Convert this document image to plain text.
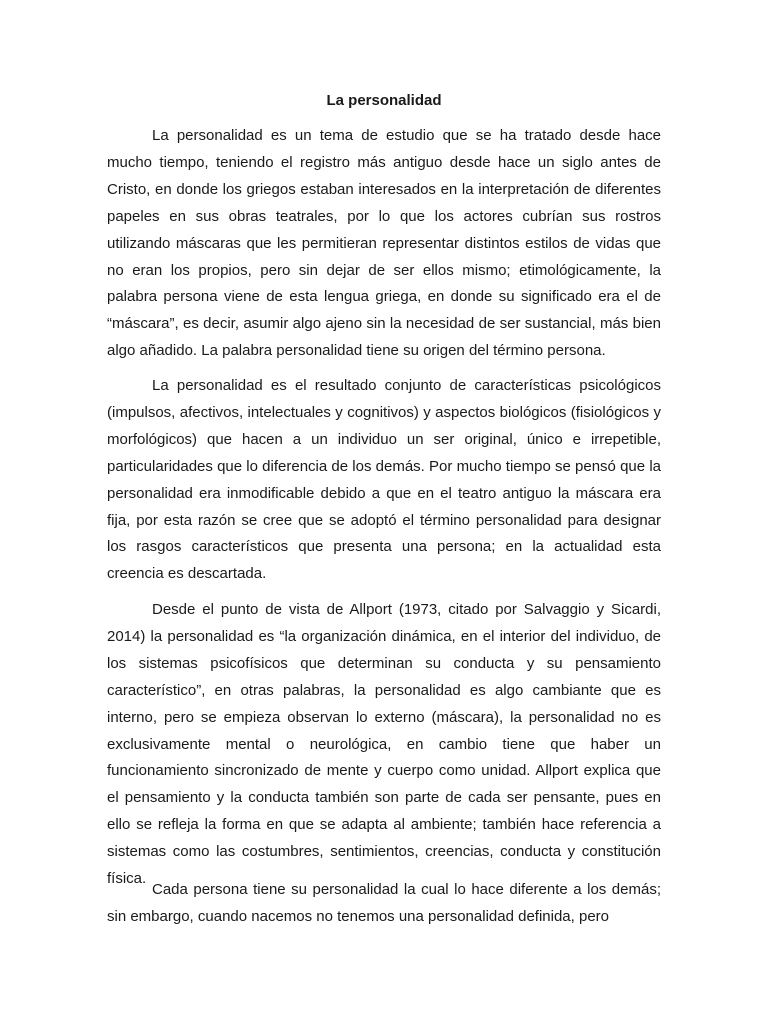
La personalidad

La personalidad es un tema de estudio que se ha tratado desde hace mucho tiempo, teniendo el registro más antiguo desde hace un siglo antes de Cristo, en donde los griegos estaban interesados en la interpretación de diferentes papeles en sus obras teatrales, por lo que los actores cubrían sus rostros utilizando máscaras que les permitieran representar distintos estilos de vidas que no eran los propios, pero sin dejar de ser ellos mismo; etimológicamente, la palabra persona viene de esta lengua griega, en donde su significado era el de “máscara”, es decir, asumir algo ajeno sin la necesidad de ser sustancial, más bien algo añadido. La palabra personalidad tiene su origen del término persona.

La personalidad es el resultado conjunto de características psicológicos (impulsos, afectivos, intelectuales y cognitivos) y aspectos biológicos (fisiológicos y morfológicos) que hacen a un individuo un ser original, único e irrepetible, particularidades que lo diferencia de los demás. Por mucho tiempo se pensó que la personalidad era inmodificable debido a que en el teatro antiguo la máscara era fija, por esta razón se cree que se adoptó el término personalidad para designar los rasgos característicos que presenta una persona; en la actualidad esta creencia es descartada.

Desde el punto de vista de Allport (1973, citado por Salvaggio y Sicardi, 2014) la personalidad es “la organización dinámica, en el interior del individuo, de los sistemas psicofísicos que determinan su conducta y su pensamiento característico”, en otras palabras, la personalidad es algo cambiante que es interno, pero se empieza observan lo externo (máscara), la personalidad no es exclusivamente mental o neurológica, en cambio tiene que haber un funcionamiento sincronizado de mente y cuerpo como unidad. Allport explica que el pensamiento y la conducta también son parte de cada ser pensante, pues en ello se refleja la forma en que se adapta al ambiente; también hace referencia a sistemas como las costumbres, sentimientos, creencias, conducta y constitución física.

Cada persona tiene su personalidad la cual lo hace diferente a los demás; sin embargo, cuando nacemos no tenemos una personalidad definida, pero
